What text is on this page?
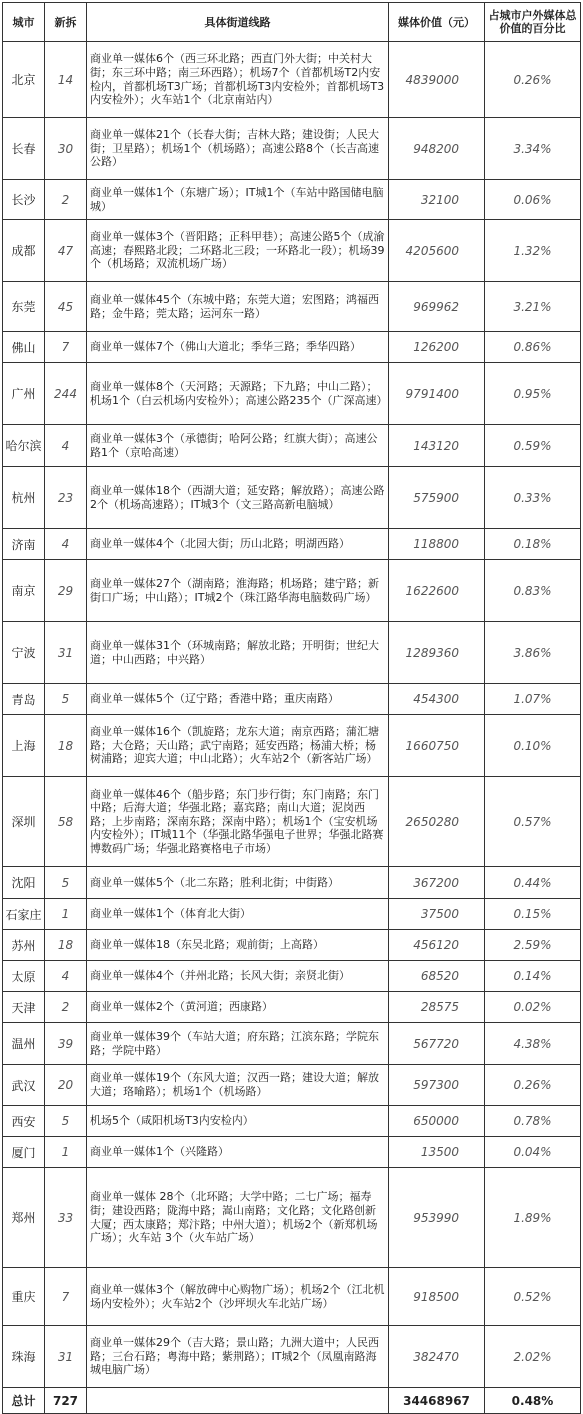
城市	新拆	具体街道线路	媒体价值（元）	占城市户外媒体总价值的百分比
北京	14	商业单一媒体6个（西三环北路；西直门外大街；中关村大街；东三环中路；南三环西路）；机场7个（首都机场T2内安检内，首都机场T3广场；首都机场T3内安检外；首都机场T3内安检外）；火车站1个（北京南站内）	4839000	0.26%
长春	30	商业单一媒体21个（长春大街；吉林大路；建设街；人民大街；卫星路）；机场1个（机场路）；高速公路8个（长吉高速公路）	948200	3.34%
长沙	2	商业单一媒体1个（东塘广场）；IT城1个（车站中路国储电脑城）	32100	0.06%
成都	47	商业单一媒体3个（晋阳路；正科甲巷）；高速公路5个（成渝高速；春熙路北段；二环路北三段；一环路北一段）；机场39个（机场路；双流机场广场）	4205600	1.32%
东莞	45	商业单一媒体45个（东城中路；东莞大道；宏图路；鸿福西路；金牛路；莞太路；运河东一路）	969962	3.21%
佛山	7	商业单一媒体7个（佛山大道北；季华三路；季华四路）	126200	0.86%
广州	244	商业单一媒体8个（天河路；天源路；下九路；中山二路）；机场1个（白云机场内安检外）；高速公路235个（广深高速）	9791400	0.95%
哈尔滨	4	商业单一媒体3个（承德街；哈阿公路；红旗大街）；高速公路1个（京哈高速）	143120	0.59%
杭州	23	商业单一媒体18个（西湖大道；延安路；解放路）；高速公路2个（机场高速路）；IT城3个（文三路高新电脑城）	575900	0.33%
济南	4	商业单一媒体4个（北园大街；历山北路；明湖西路）	118800	0.18%
南京	29	商业单一媒体27个（湖南路；淮海路；机场路；建宁路；新街口广场；中山路）；IT城2个（珠江路华海电脑数码广场）	1622600	0.83%
宁波	31	商业单一媒体31个（环城南路；解放北路；开明街；世纪大道；中山西路；中兴路）	1289360	3.86%
青岛	5	商业单一媒体5个（辽宁路；香港中路；重庆南路）	454300	1.07%
上海	18	商业单一媒体16个（凯旋路；龙东大道；南京西路；蒲汇塘路；大仓路；天山路；武宁南路；延安西路；杨浦大桥；杨树浦路；迎宾大道；中山北路）；火车站2个（新客站广场）	1660750	0.10%
深圳	58	商业单一媒体46个（船步路；东门步行街；东门南路；东门中路；后海大道；华强北路；嘉宾路；南山大道；泥岗西路；上步南路；深南东路；深南中路）；机场1个（宝安机场内安检外）；IT城11个（华强北路华强电子世界；华强北路赛博数码广场；华强北路赛格电子市场）	2650280	0.57%
沈阳	5	商业单一媒体5个（北二东路；胜利北街；中街路）	367200	0.44%
石家庄	1	商业单一媒体1个（体育北大街）	37500	0.15%
苏州	18	商业单一媒体18（东吴北路；观前街；上高路）	456120	2.59%
太原	4	商业单一媒体4个（并州北路；长风大街；亲贤北街）	68520	0.14%
天津	2	商业单一媒体2个（黄河道；西康路）	28575	0.02%
温州	39	商业单一媒体39个（车站大道；府东路；江滨东路；学院东路；学院中路）	567720	4.38%
武汉	20	商业单一媒体19个（东风大道；汉西一路；建设大道；解放大道；珞喻路）；机场1个（机场路）	597300	0.26%
西安	5	机场5个（咸阳机场T3内安检内）	650000	0.78%
厦门	1	商业单一媒体1个（兴隆路）	13500	0.04%
郑州	33	商业单一媒体 28个（北环路；大学中路；二七广场；福寿街；建设西路；陇海中路；嵩山南路；文化路；文化路创新大厦；西太康路；郑汴路；中州大道）；机场2个（新郑机场广场）；火车站 3个（火车站广场）	953990	1.89%
重庆	7	商业单一媒体3个（解放碑中心购物广场）；机场2个（江北机场内安检外）；火车站2个（沙坪坝火车北站广场）	918500	0.52%
珠海	31	商业单一媒体29个（吉大路；景山路；九洲大道中；人民西路；三台石路；粤海中路；紫荆路）；IT城2个（凤凰南路海城电脑广场）	382470	2.02%
总计	727		34468967	0.48%
